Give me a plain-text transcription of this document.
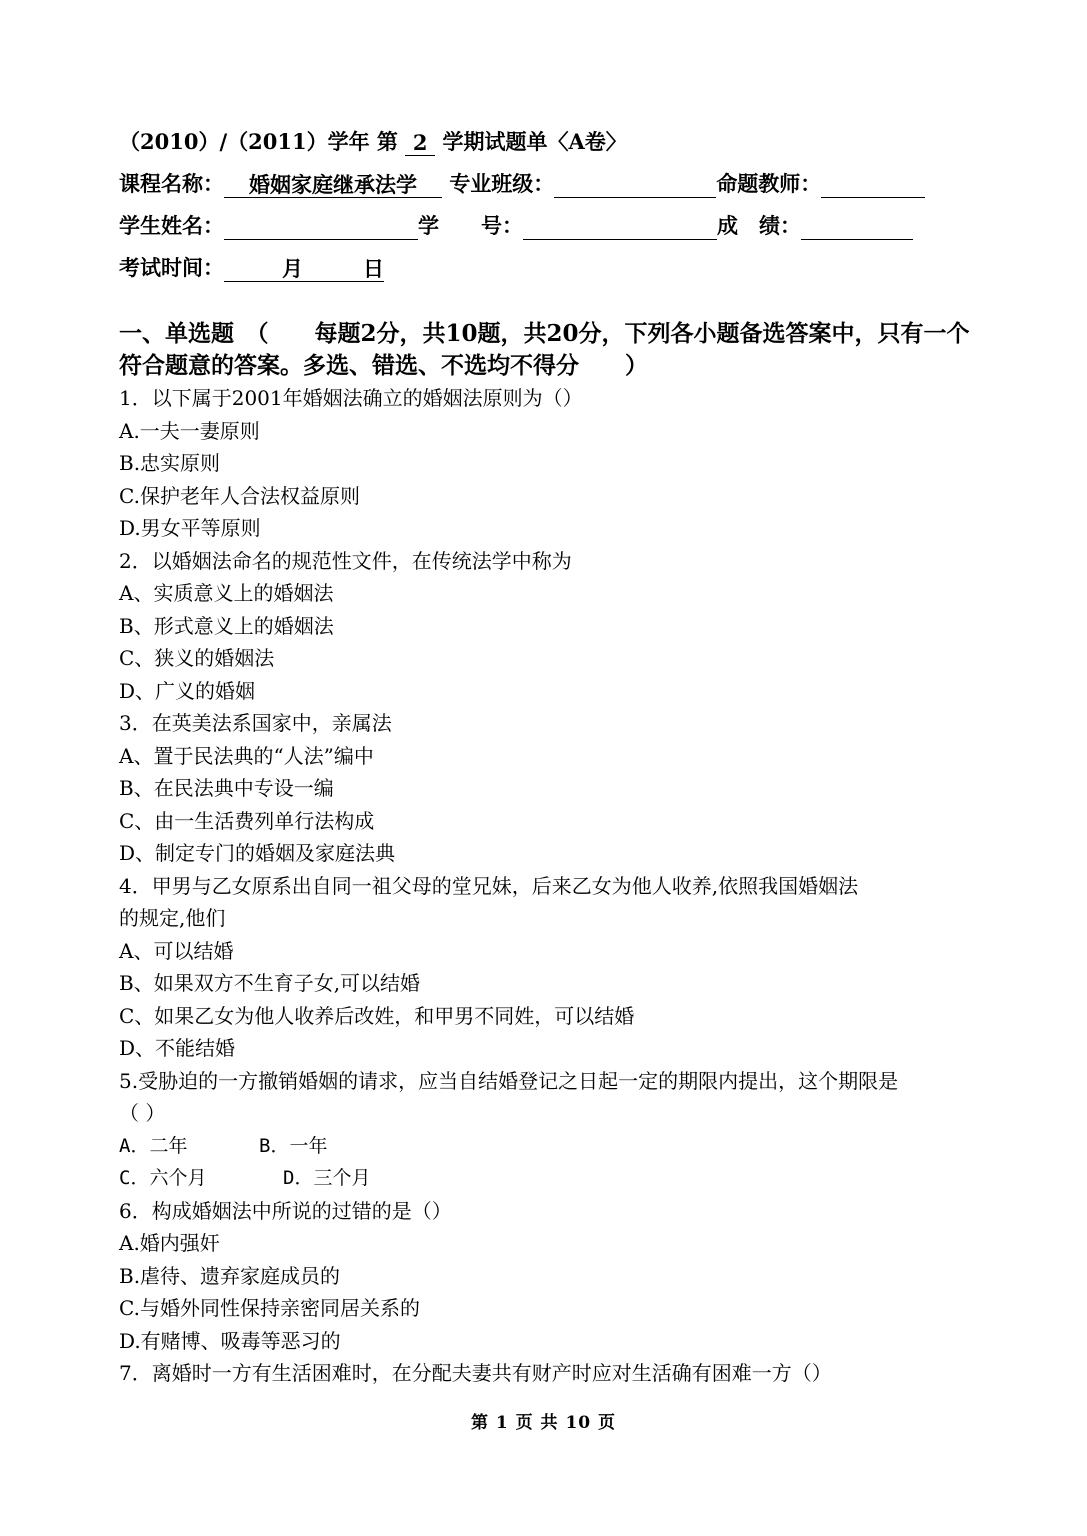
（2010）/（2011）学年 第 2 学期试题单〈A卷〉
课程名称： 婚姻家庭继承法学 专业班级：	命题教师：
学生姓名：	学　　号：	成　绩：
考试时间：	月	日
一、单选题　（　　每题2分，共10题，共20分，下列各小题备选答案中，只有一个符合题意的答案。多选、错选、不选均不得分　　）
1．以下属于2001年婚姻法确立的婚姻法原则为（）
A.一夫一妻原则
B.忠实原则
C.保护老年人合法权益原则
D.男女平等原则
2．以婚姻法命名的规范性文件，在传统法学中称为
A、实质意义上的婚姻法
B、形式意义上的婚姻法
C、狭义的婚姻法
D、广义的婚姻
3．在英美法系国家中，亲属法
A、置于民法典的“人法”编中
B、在民法典中专设一编
C、由一生活费列单行法构成
D、制定专门的婚姻及家庭法典
4．甲男与乙女原系出自同一祖父母的堂兄妹，后来乙女为他人收养,依照我国婚姻法
的规定,他们
A、可以结婚
B、如果双方不生育子女,可以结婚
C、如果乙女为他人收养后改姓，和甲男不同姓，可以结婚
D、不能结婚
5.受胁迫的一方撤销婚姻的请求，应当自结婚登记之日起一定的期限内提出，这个期限是
（ ）
A．二年	B．一年
C．六个月	D．三个月
6．构成婚姻法中所说的过错的是（）
A.婚内强奸
B.虐待、遗弃家庭成员的
C.与婚外同性保持亲密同居关系的
D.有赌博、吸毒等恶习的
7．离婚时一方有生活困难时，在分配夫妻共有财产时应对生活确有困难一方（）
第 1 页 共 10 页
